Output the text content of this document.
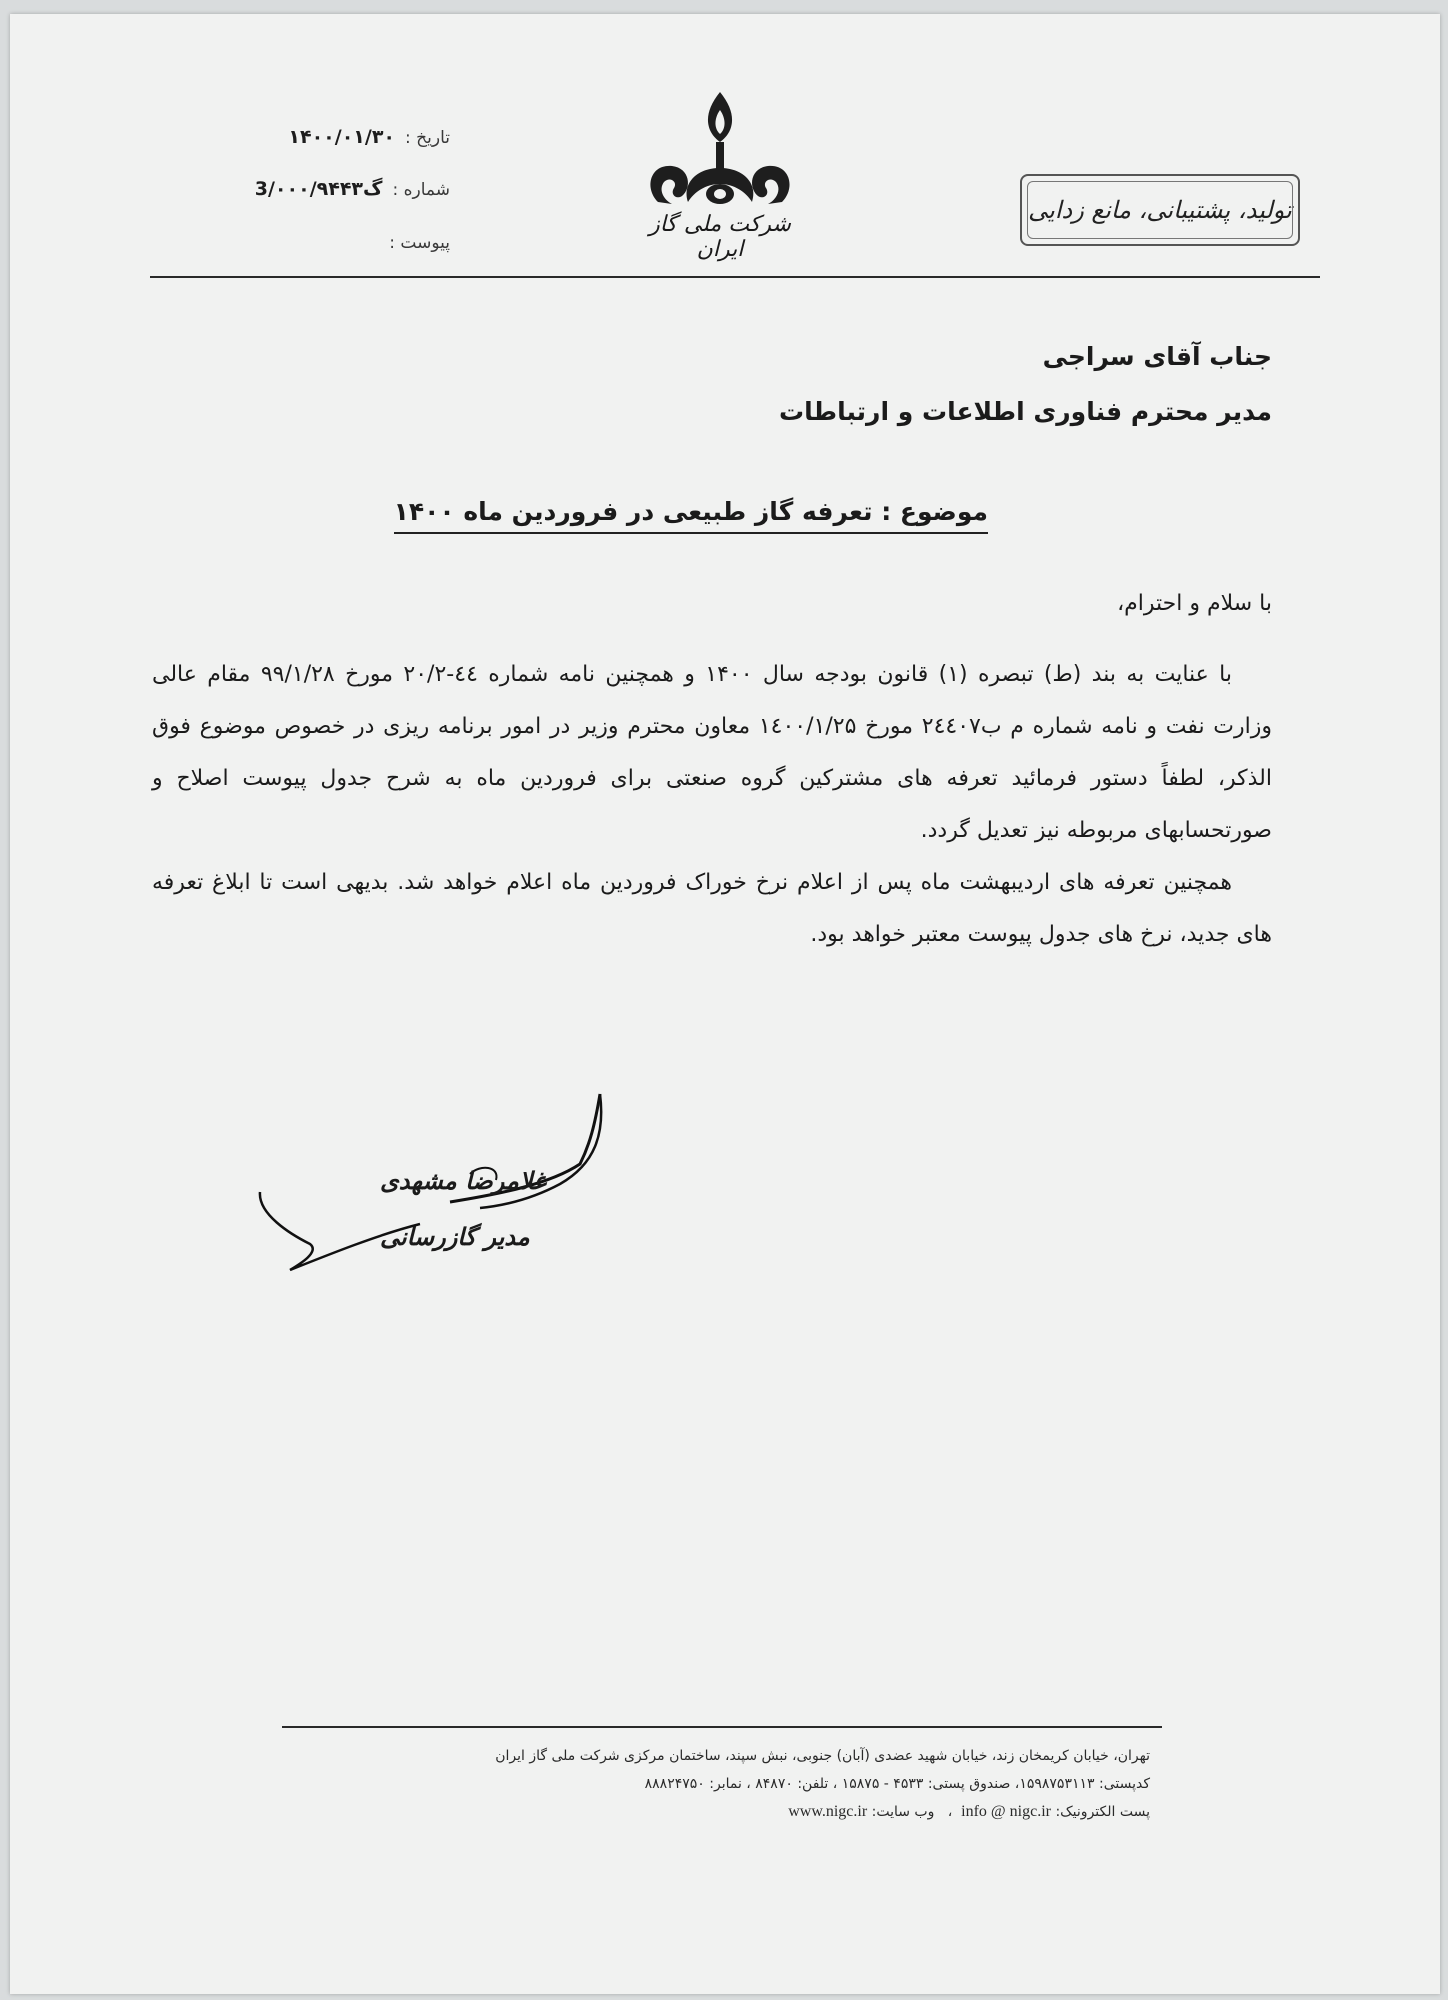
تاریخ :
۱۴۰۰/۰۱/۳۰
شماره :
گ3/۰۰۰/۹۴۴۳
پیوست :
شرکت ملی گاز ایران
تولید، پشتیبانی، مانع زدایی
جناب آقای سراجی
مدیر محترم فناوری اطلاعات و ارتباطات
موضوع : تعرفه گاز طبیعی در فروردین ماه ۱۴۰۰
با سلام و احترام،

با عنایت به بند (ط) تبصره (۱) قانون بودجه سال ۱۴۰۰ و همچنین نامه شماره ٤٤-۲۰/۲ مورخ ۹۹/۱/۲۸ مقام عالی وزارت نفت و نامه شماره م ب۲٤٤۰۷ مورخ ۱٤۰۰/۱/۲۵ معاون محترم وزیر در امور برنامه ریزی در خصوص موضوع فوق الذکر، لطفاً دستور فرمائید تعرفه های مشترکین گروه صنعتی برای فروردین ماه به شرح جدول پیوست اصلاح و صورتحسابهای مربوطه نیز تعدیل گردد.

همچنین تعرفه های اردیبهشت ماه پس از اعلام نرخ خوراک فروردین ماه اعلام خواهد شد. بدیهی است تا ابلاغ تعرفه های جدید، نرخ های جدول پیوست معتبر خواهد بود.

غلامرضا مشهدی
مدیر گازرسانی
تهران، خیابان کریمخان زند، خیابان شهید عضدی (آبان) جنوبی، نبش سپند، ساختمان مرکزی شرکت ملی گاز ایران
کدپستی: ۱۵۹۸۷۵۳۱۱۳، صندوق پستی: ۴۵۳۳ - ۱۵۸۷۵ ، تلفن: ۸۴۸۷۰ ، نمابر: ۸۸۸۲۴۷۵۰
پست الکترونیک: info @ nigc.ir  ،   وب سایت: www.nigc.ir
